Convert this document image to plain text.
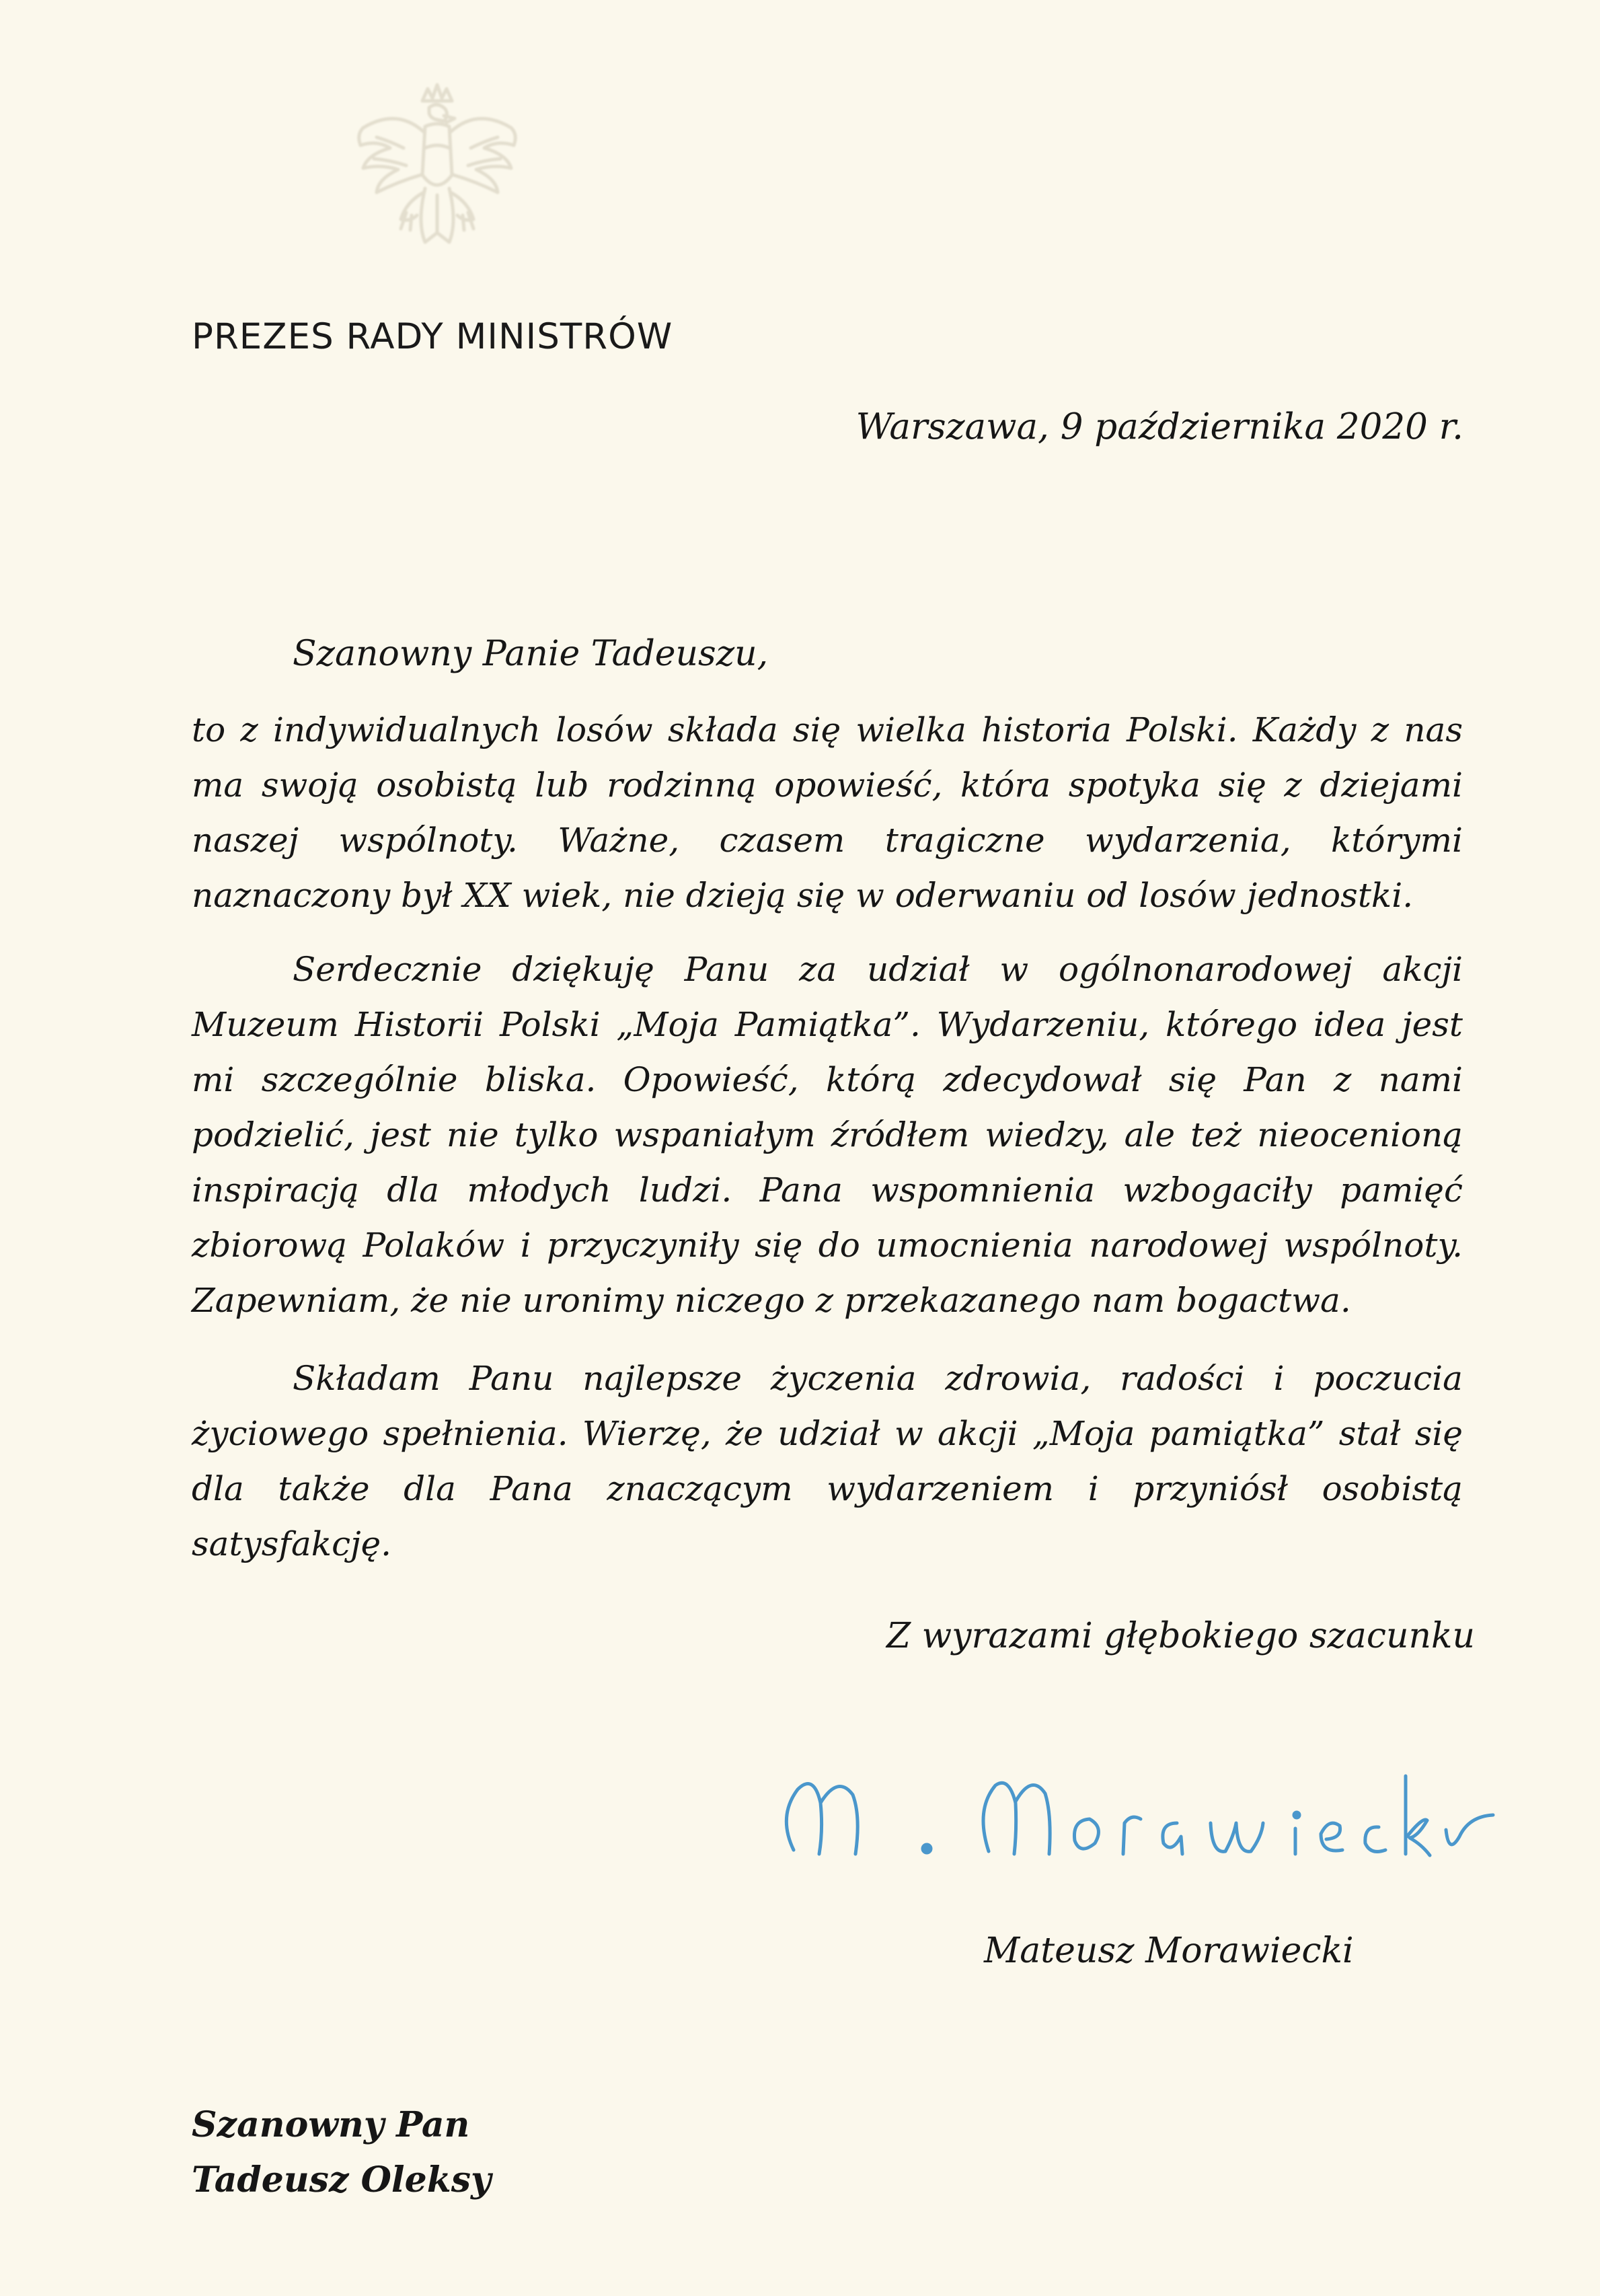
PREZES RADY MINISTRÓW
Warszawa, 9 października 2020 r.
Szanowny Panie Tadeuszu,
to z indywidualnych losów składa się wielka historia Polski. Każdy z nas ma swoją osobistą lub rodzinną opowieść, która spotyka się z dziejami naszej wspólnoty. Ważne, czasem tragiczne wydarzenia, którymi naznaczony był XX wiek, nie dzieją się w oderwaniu od losów jednostki.
Serdecznie dziękuję Panu za udział w ogólnonarodowej akcji Muzeum Historii Polski „Moja Pamiątka”. Wydarzeniu, którego idea jest mi szczególnie bliska. Opowieść, którą zdecydował się Pan z nami podzielić, jest nie tylko wspaniałym źródłem wiedzy, ale też nieocenioną inspiracją dla młodych ludzi. Pana wspomnienia wzbogaciły pamięć zbiorową Polaków i przyczyniły się do umocnienia narodowej wspólnoty. Zapewniam, że nie uronimy niczego z przekazanego nam bogactwa.
Składam Panu najlepsze życzenia zdrowia, radości i poczucia życiowego spełnienia. Wierzę, że udział w akcji „Moja pamiątka” stał się dla także dla Pana znaczącym wydarzeniem i przyniósł osobistą satysfakcję.
Z wyrazami głębokiego szacunku
Mateusz Morawiecki
Szanowny Pan
Tadeusz Oleksy
